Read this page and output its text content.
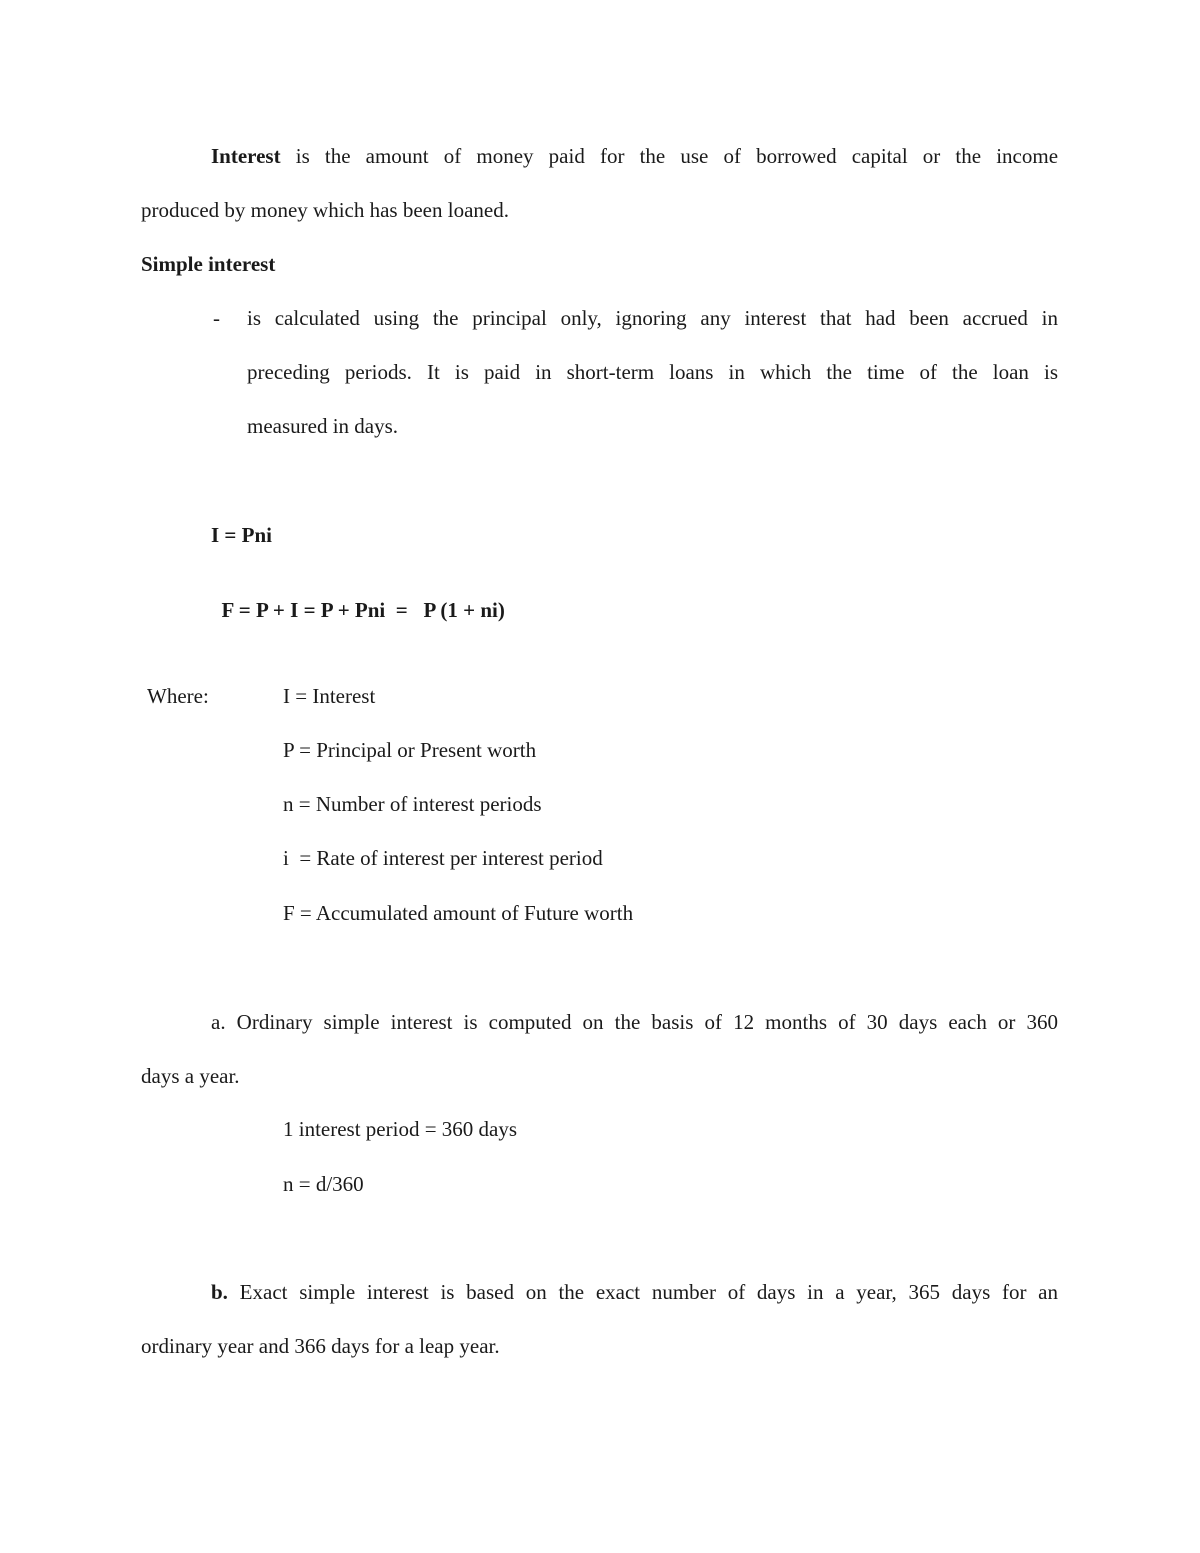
Interest is the amount of money paid for the use of borrowed capital or the income
produced by money which has been loaned.
Simple interest
- is calculated using the principal only, ignoring any interest that had been accrued in
preceding periods. It is paid in short-term loans in which the time of the loan is
measured in days.
I = Pni

F = P + I = P + Pni  =   P (1 + ni)

Where:	I = Interest
P = Principal or Present worth
n = Number of interest periods
i  = Rate of interest per interest period
F = Accumulated amount of Future worth
a. Ordinary simple interest is computed on the basis of 12 months of 30 days each or 360
days a year.
1 interest period = 360 days
n = d/360
b. Exact simple interest is based on the exact number of days in a year, 365 days for an
ordinary year and 366 days for a leap year.
